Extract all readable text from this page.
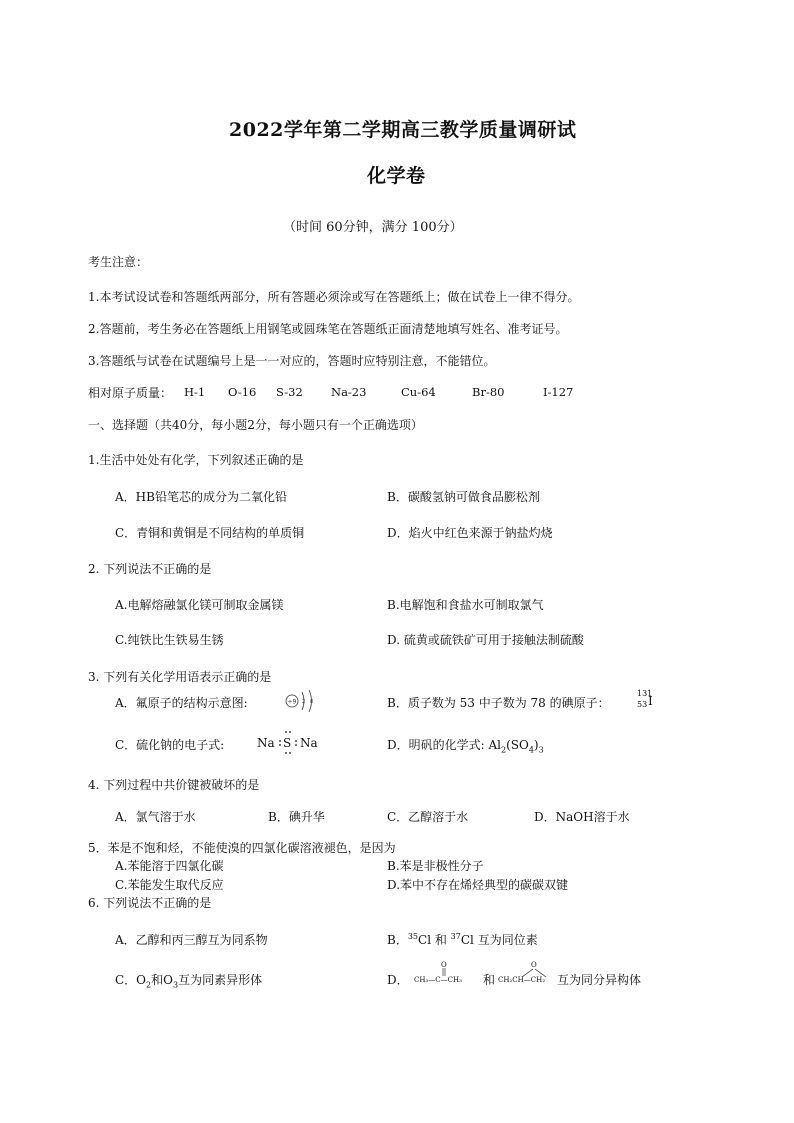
2022学年第二学期高三教学质量调研试
化学卷
（时间 60分钟，满分 100分）
考生注意：
1.本考试设试卷和答题纸两部分，所有答题必须涂或写在答题纸上；做在试卷上一律不得分。
2.答题前，考生务必在答题纸上用钢笔或圆珠笔在答题纸正面清楚地填写姓名、准考证号。
3.答题纸与试卷在试题编号上是一一对应的，答题时应特别注意，不能错位。
相对原子质量： H-1 O-16 S-32 Na-23	Cu-64	Br-80	I-127
一、选择题（共40分，每小题2分，每小题只有一个正确选项）
1.生活中处处有化学，下列叙述正确的是
A．HB铅笔芯的成分为二氧化铅	B．碳酸氢钠可做食品膨松剂
C．青铜和黄铜是不同结构的单质铜	D．焰火中红色来源于钠盐灼烧
2. 下列说法不正确的是
A.电解熔融氯化镁可制取金属镁	B.电解饱和食盐水可制取氯气
C.纯铁比生铁易生锈	D. 硫黄或硫铁矿可用于接触法制硫酸
3. 下列有关化学用语表示正确的是
A．氟原子的结构示意图:	+9 2 8	B．质子数为 53 中子数为 78 的碘原子：
131
53 I
C．硫化钠的电子式:	Na S Na	D．明矾的化学式: $Al_2(SO_4)_3$
4. 下列过程中共价键被破坏的是
A．氯气溶于水	B．碘升华	C．乙醇溶于水	D．NaOH溶于水
5．苯是不饱和烃，不能使溴的四氯化碳溶液褪色，是因为
A.苯能溶于四氯化碳	B.苯是非极性分子
C.苯能发生取代反应	D.苯中不存在烯烃典型的碳碳双键
6. 下列说法不正确的是
A．乙醇和丙三醇互为同系物	B．$^{35}$Cl 和 $^{37}$Cl 互为同位素
C．$O_2$和$O_3$互为同素异形体	D．
O
CH₃—C—CH₃ 和
O
CH₂CH—CH₂ 互为同分异构体
